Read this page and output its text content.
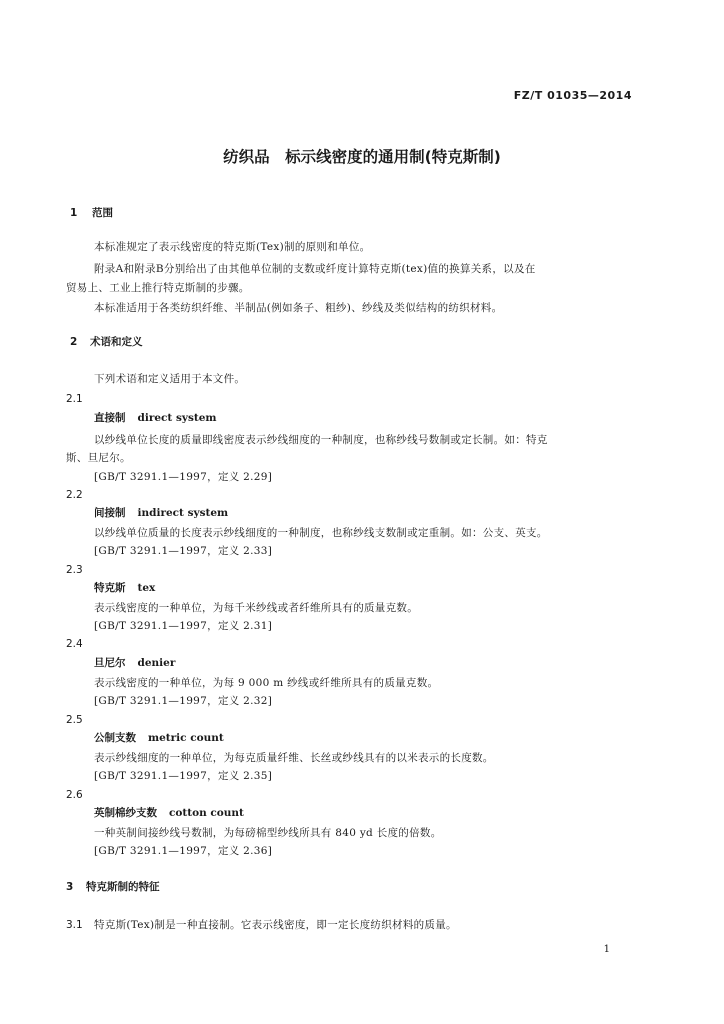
FZ/T 01035—2014
纺织品　标示线密度的通用制(特克斯制)
1 范围
本标准规定了表示线密度的特克斯(Tex)制的原则和单位。
附录A和附录B分别给出了由其他单位制的支数或纤度计算特克斯(tex)值的换算关系，以及在
贸易上、工业上推行特克斯制的步骤。
本标准适用于各类纺织纤维、半制品(例如条子、粗纱)、纱线及类似结构的纺织材料。
2 术语和定义
下列术语和定义适用于本文件。
2.1
直接制 direct system
以纱线单位长度的质量即线密度表示纱线细度的一种制度，也称纱线号数制或定长制。如：特克
斯、旦尼尔。
[GB/T 3291.1—1997，定义 2.29]
2.2
间接制 indirect system
以纱线单位质量的长度表示纱线细度的一种制度，也称纱线支数制或定重制。如：公支、英支。
[GB/T 3291.1—1997，定义 2.33]
2.3
特克斯 tex
表示线密度的一种单位，为每千米纱线或者纤维所具有的质量克数。
[GB/T 3291.1—1997，定义 2.31]
2.4
旦尼尔 denier
表示线密度的一种单位，为每 9 000 m 纱线或纤维所具有的质量克数。
[GB/T 3291.1—1997，定义 2.32]
2.5
公制支数 metric count
表示纱线细度的一种单位，为每克质量纤维、长丝或纱线具有的以米表示的长度数。
[GB/T 3291.1—1997，定义 2.35]
2.6
英制棉纱支数 cotton count
一种英制间接纱线号数制，为每磅棉型纱线所具有 840 yd 长度的倍数。
[GB/T 3291.1—1997，定义 2.36]
3 特克斯制的特征
3.1 特克斯(Tex)制是一种直接制。它表示线密度，即一定长度纺织材料的质量。
1
